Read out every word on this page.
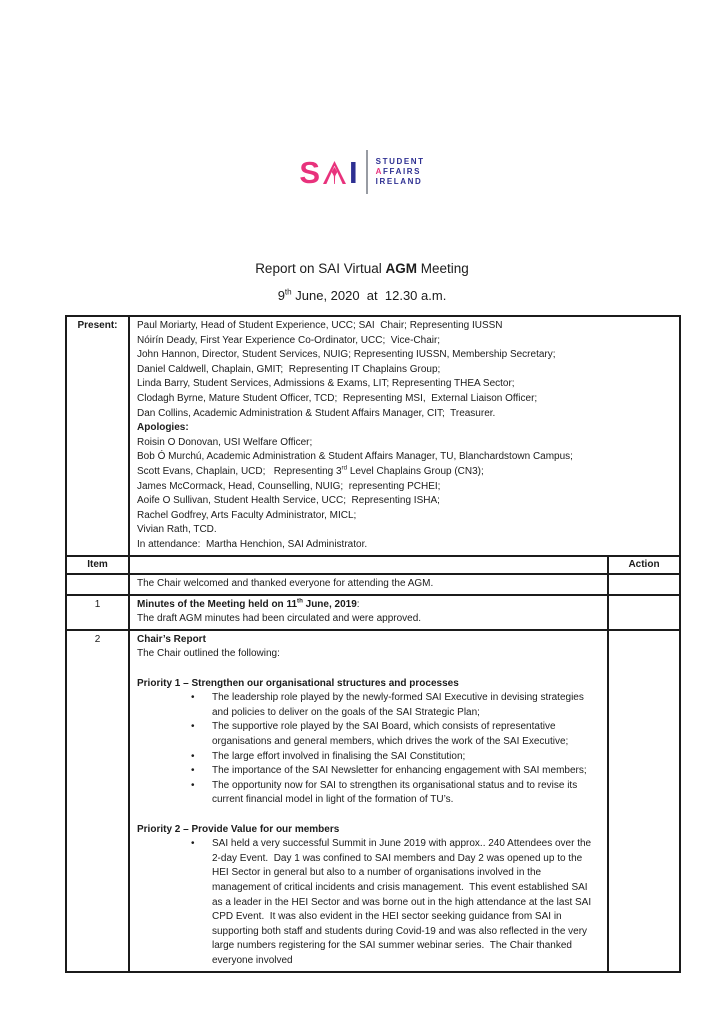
S I STUDENT
AFFAIRS
IRELAND
Report on SAI Virtual AGM Meeting
9th June, 2020  at  12.30 a.m.
Present:	Paul Moriarty, Head of Student Experience, UCC; SAI  Chair; Representing IUSSN
Nóirín Deady, First Year Experience Co-Ordinator, UCC;  Vice-Chair;
John Hannon, Director, Student Services, NUIG; Representing IUSSN, Membership Secretary;
Daniel Caldwell, Chaplain, GMIT;  Representing IT Chaplains Group;
Linda Barry, Student Services, Admissions & Exams, LIT; Representing THEA Sector;
Clodagh Byrne, Mature Student Officer, TCD;  Representing MSI,  External Liaison Officer;
Dan Collins, Academic Administration & Student Affairs Manager, CIT;  Treasurer.
Apologies:
Roisin O Donovan, USI Welfare Officer;
Bob Ó Murchú, Academic Administration & Student Affairs Manager, TU, Blanchardstown Campus;
Scott Evans, Chaplain, UCD;   Representing 3rd Level Chaplains Group (CN3);
James McCormack, Head, Counselling, NUIG;  representing PCHEI;
Aoife O Sullivan, Student Health Service, UCC;  Representing ISHA;
Rachel Godfrey, Arts Faculty Administrator, MICL;
Vivian Rath, TCD.
In attendance:  Martha Henchion, SAI Administrator.

Item		Action
	The Chair welcomed and thanked everyone for attending the AGM.	
1	Minutes of the Meeting held on 11th June, 2019:
The draft AGM minutes had been circulated and were approved.	

2	Chair’s Report
The Chair outlined the following:
Priority 1 – Strengthen our organisational structures and processes
•	The leadership role played by the newly-formed SAI Executive in devising strategies and policies to deliver on the goals of the SAI Strategic Plan;
•	The supportive role played by the SAI Board, which consists of representative organisations and general members, which drives the work of the SAI Executive;
•	The large effort involved in finalising the SAI Constitution;
•	The importance of the SAI Newsletter for enhancing engagement with SAI members;
•	The opportunity now for SAI to strengthen its organisational status and to revise its current financial model in light of the formation of TU’s.
Priority 2 – Provide Value for our members
•	SAI held a very successful Summit in June 2019 with approx.. 240 Attendees over the 2-day Event.  Day 1 was confined to SAI members and Day 2 was opened up to the HEI Sector in general but also to a number of organisations involved in the management of critical incidents and crisis management.  This event established SAI as a leader in the HEI Sector and was borne out in the high attendance at the last SAI CPD Event.  It was also evident in the HEI sector seeking guidance from SAI in supporting both staff and students during Covid-19 and was also reflected in the very large numbers registering for the SAI summer webinar series.  The Chair thanked everyone involved
